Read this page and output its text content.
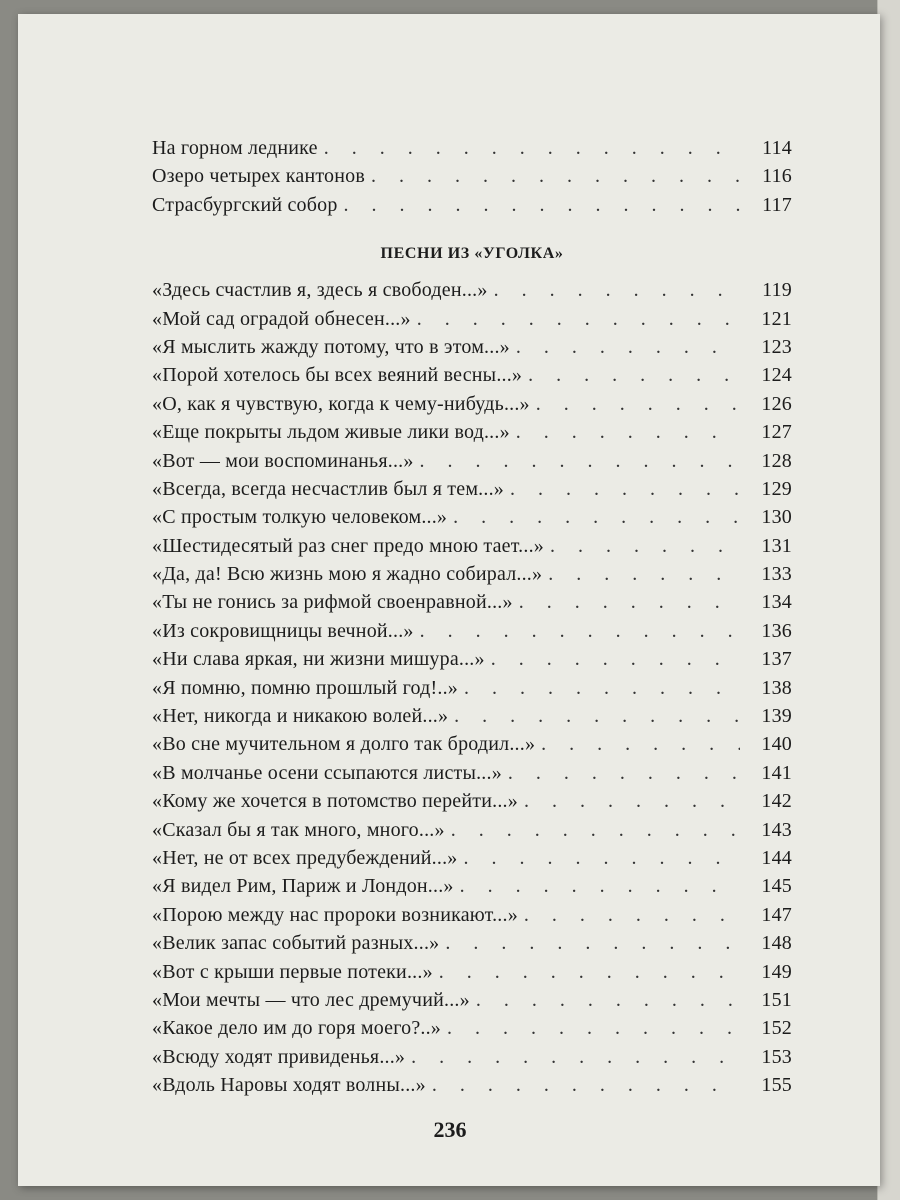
На горном леднике . . .	114
Озеро четырех кантонов . . .	116
Страсбургский собор . . .	117
ПЕСНИ ИЗ «УГОЛКА»
«Здесь счастлив я, здесь я свободен...» . . .	119
«Мой сад оградой обнесен...» . . .	121
«Я мыслить жажду потому, что в этом...» . . .	123
«Порой хотелось бы всех веяний весны...» . . .	124
«О, как я чувствую, когда к чему-нибудь...» . . .	126
«Еще покрыты льдом живые лики вод...» . . .	127
«Вот — мои воспоминанья...» . . .	128
«Всегда, всегда несчастлив был я тем...» . . .	129
«С простым толкую человеком...» . . .	130
«Шестидесятый раз снег предо мною тает...» . . .	131
«Да, да! Всю жизнь мою я жадно собирал...» . . .	133
«Ты не гонись за рифмой своенравной...» . . .	134
«Из сокровищницы вечной...» . . .	136
«Ни слава яркая, ни жизни мишура...» . . .	137
«Я помню, помню прошлый год!..» . . .	138
«Нет, никогда и никакою волей...» . . .	139
«Во сне мучительном я долго так бродил...» . . .	140
«В молчанье осени ссыпаются листы...» . . .	141
«Кому же хочется в потомство перейти...» . . .	142
«Сказал бы я так много, много...» . . .	143
«Нет, не от всех предубеждений...» . . .	144
«Я видел Рим, Париж и Лондон...» . . .	145
«Порою между нас пророки возникают...» . . .	147
«Велик запас событий разных...» . . .	148
«Вот с крыши первые потеки...» . . .	149
«Мои мечты — что лес дремучий...» . . .	151
«Какое дело им до горя моего?..» . . .	152
«Всюду ходят привиденья...» . . .	153
«Вдоль Наровы ходят волны...» . . .	155
236
